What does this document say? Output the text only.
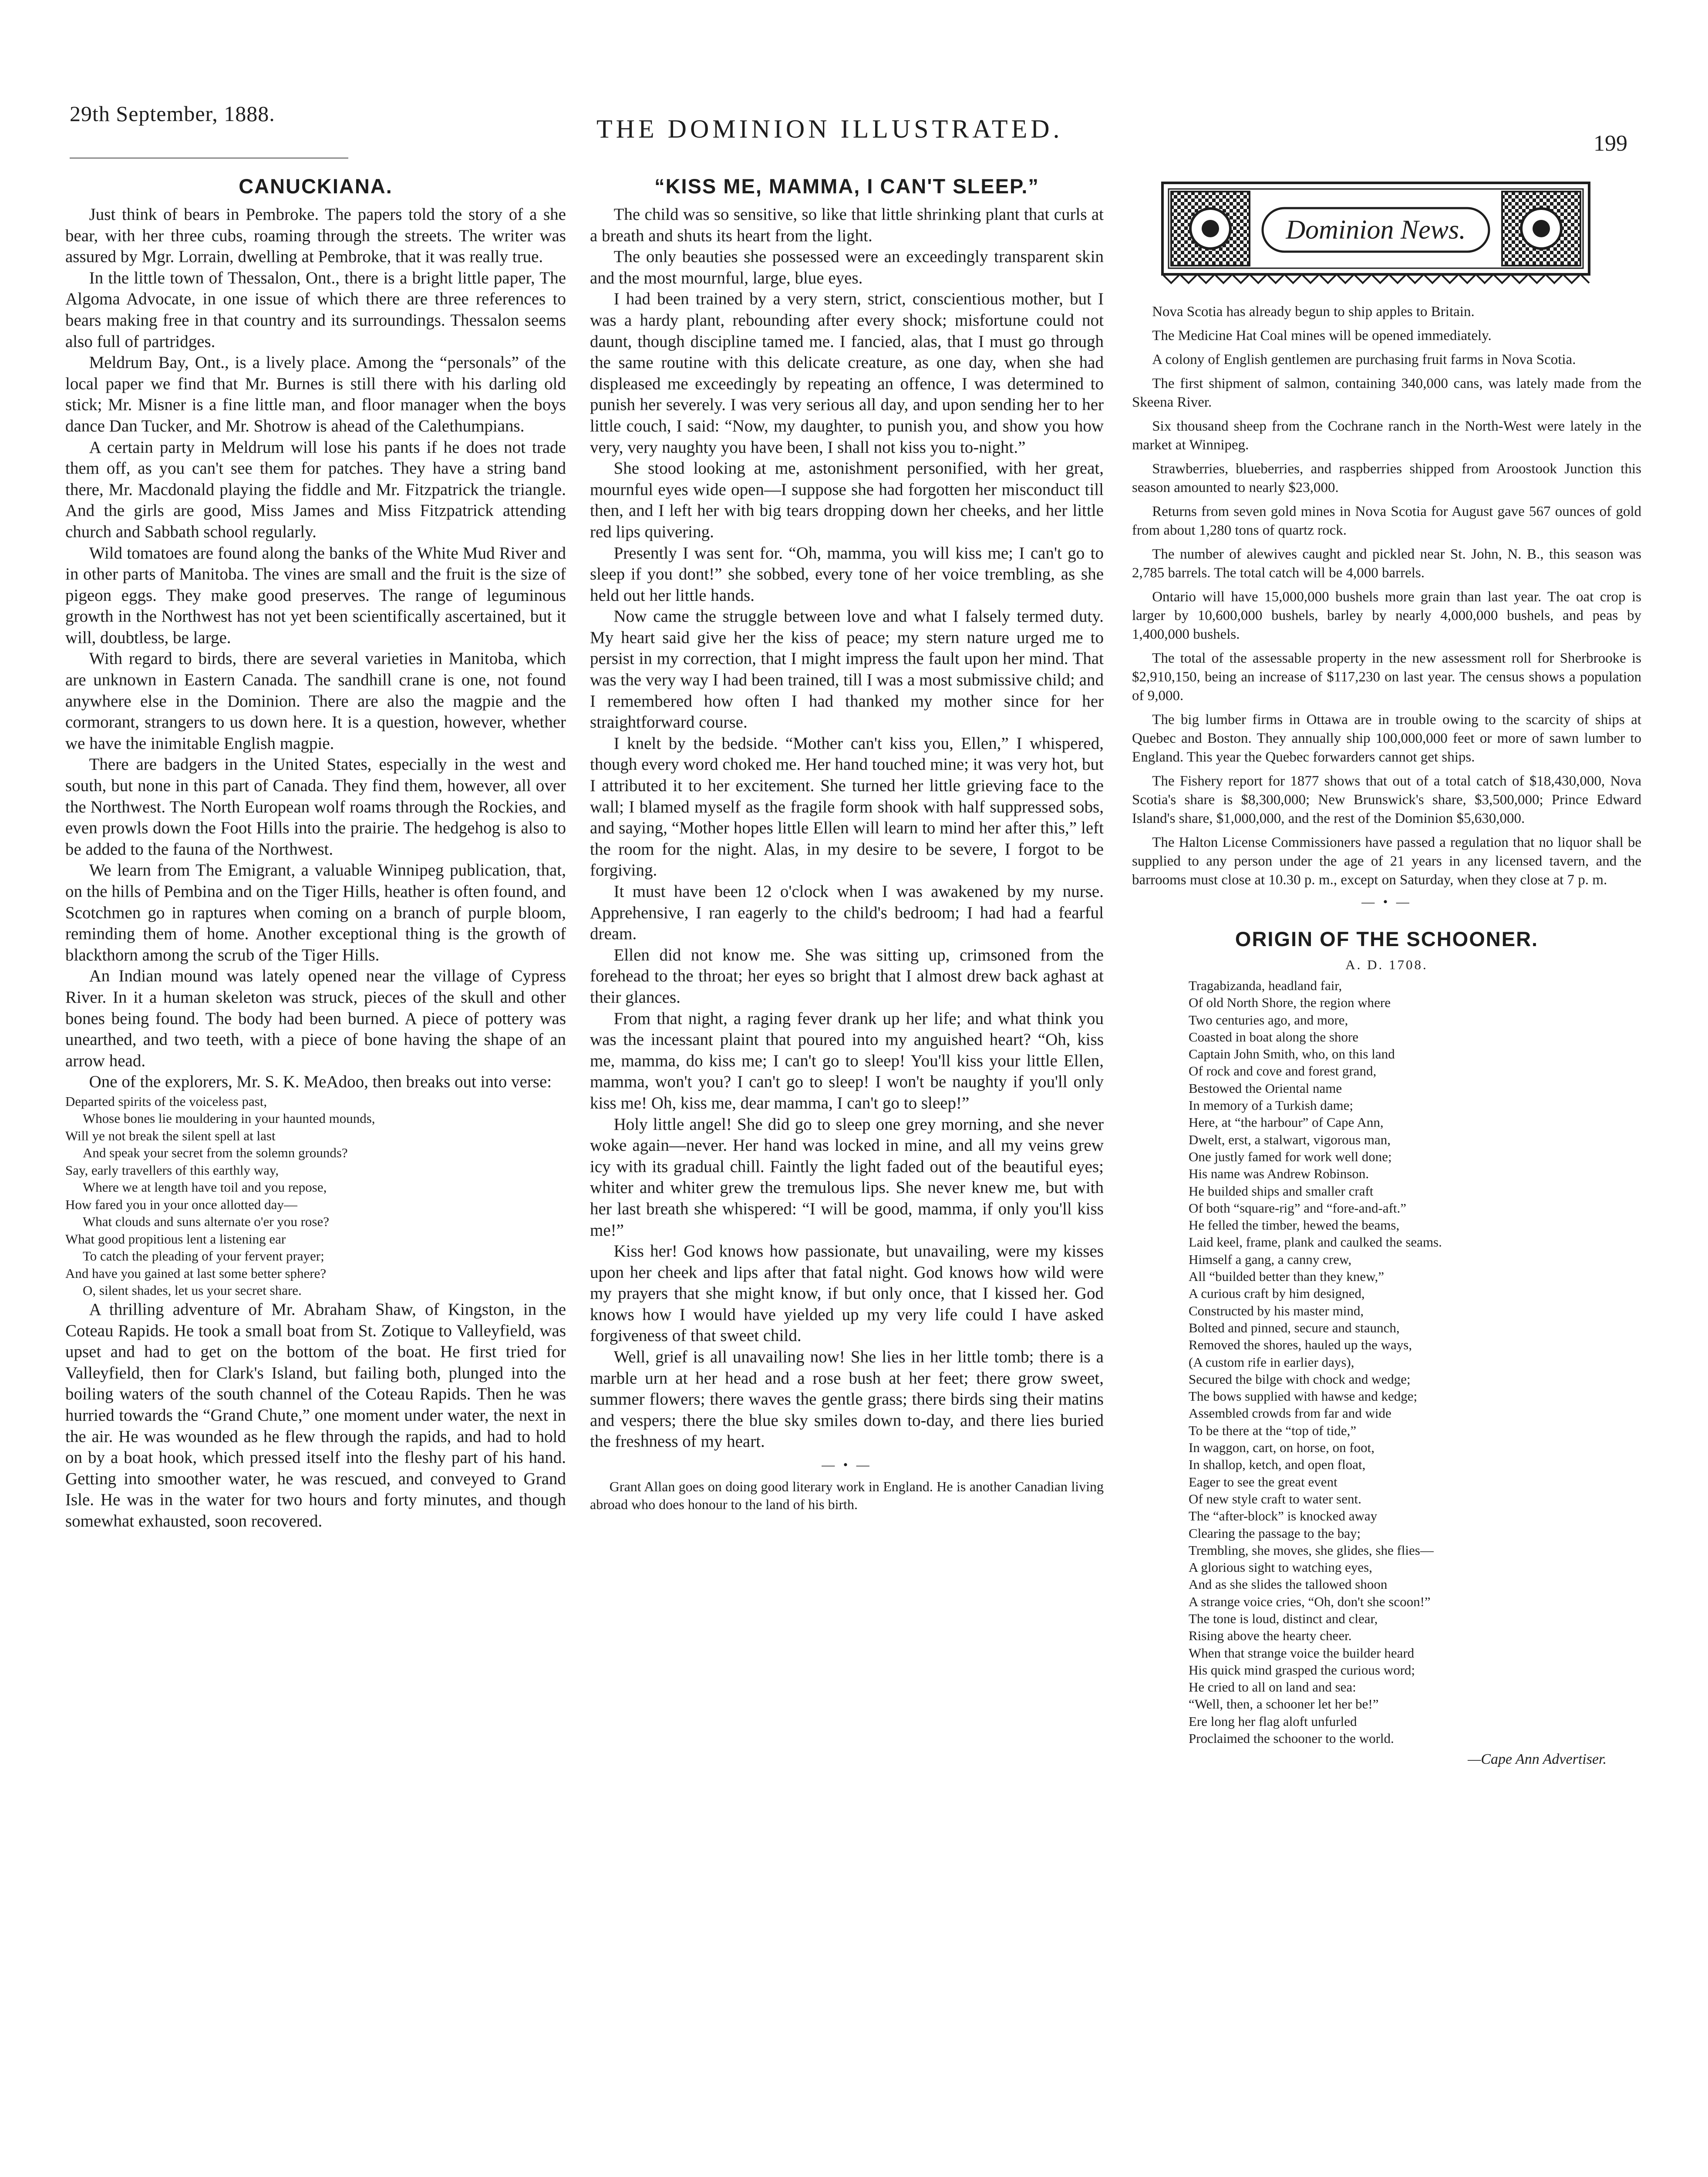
29th September, 1888.
THE DOMINION ILLUSTRATED.
199
CANUCKIANA.

Just think of bears in Pembroke. The papers told the story of a she bear, with her three cubs, roaming through the streets. The writer was assured by Mgr. Lorrain, dwelling at Pembroke, that it was really true.

In the little town of Thessalon, Ont., there is a bright little paper, The Algoma Advocate, in one issue of which there are three references to bears making free in that country and its surroundings. Thessalon seems also full of partridges.

Meldrum Bay, Ont., is a lively place. Among the “personals” of the local paper we find that Mr. Burnes is still there with his darling old stick; Mr. Misner is a fine little man, and floor manager when the boys dance Dan Tucker, and Mr. Shotrow is ahead of the Calethumpians.

A certain party in Meldrum will lose his pants if he does not trade them off, as you can't see them for patches. They have a string band there, Mr. Macdonald playing the fiddle and Mr. Fitzpatrick the triangle. And the girls are good, Miss James and Miss Fitzpatrick attending church and Sabbath school regularly.

Wild tomatoes are found along the banks of the White Mud River and in other parts of Manitoba. The vines are small and the fruit is the size of pigeon eggs. They make good preserves. The range of leguminous growth in the Northwest has not yet been scientifically ascertained, but it will, doubtless, be large.

With regard to birds, there are several varieties in Manitoba, which are unknown in Eastern Canada. The sandhill crane is one, not found anywhere else in the Dominion. There are also the magpie and the cormorant, strangers to us down here. It is a question, however, whether we have the inimitable English magpie.

There are badgers in the United States, especially in the west and south, but none in this part of Canada. They find them, however, all over the Northwest. The North European wolf roams through the Rockies, and even prowls down the Foot Hills into the prairie. The hedgehog is also to be added to the fauna of the Northwest.

We learn from The Emigrant, a valuable Winnipeg publication, that, on the hills of Pembina and on the Tiger Hills, heather is often found, and Scotchmen go in raptures when coming on a branch of purple bloom, reminding them of home. Another exceptional thing is the growth of blackthorn among the scrub of the Tiger Hills.

An Indian mound was lately opened near the village of Cypress River. In it a human skeleton was struck, pieces of the skull and other bones being found. The body had been burned. A piece of pottery was unearthed, and two teeth, with a piece of bone having the shape of an arrow head.

One of the explorers, Mr. S. K. MeAdoo, then breaks out into verse:

Departed spirits of the voiceless past,
Whose bones lie mouldering in your haunted mounds,
Will ye not break the silent spell at last
And speak your secret from the solemn grounds?
Say, early travellers of this earthly way,
Where we at length have toil and you repose,
How fared you in your once allotted day—
What clouds and suns alternate o'er you rose?
What good propitious lent a listening ear
To catch the pleading of your fervent prayer;
And have you gained at last some better sphere?
O, silent shades, let us your secret share.

A thrilling adventure of Mr. Abraham Shaw, of Kingston, in the Coteau Rapids. He took a small boat from St. Zotique to Valleyfield, was upset and had to get on the bottom of the boat. He first tried for Valleyfield, then for Clark's Island, but failing both, plunged into the boiling waters of the south channel of the Coteau Rapids. Then he was hurried towards the “Grand Chute,” one moment under water, the next in the air. He was wounded as he flew through the rapids, and had to hold on by a boat hook, which pressed itself into the fleshy part of his hand. Getting into smoother water, he was rescued, and conveyed to Grand Isle. He was in the water for two hours and forty minutes, and though somewhat exhausted, soon recovered.

“KISS ME, MAMMA, I CAN'T SLEEP.”

The child was so sensitive, so like that little shrinking plant that curls at a breath and shuts its heart from the light.

The only beauties she possessed were an exceedingly transparent skin and the most mournful, large, blue eyes.

I had been trained by a very stern, strict, conscientious mother, but I was a hardy plant, rebounding after every shock; misfortune could not daunt, though discipline tamed me. I fancied, alas, that I must go through the same routine with this delicate creature, as one day, when she had displeased me exceedingly by repeating an offence, I was determined to punish her severely. I was very serious all day, and upon sending her to her little couch, I said: “Now, my daughter, to punish you, and show you how very, very naughty you have been, I shall not kiss you to-night.”

She stood looking at me, astonishment personified, with her great, mournful eyes wide open—I suppose she had forgotten her misconduct till then, and I left her with big tears dropping down her cheeks, and her little red lips quivering.

Presently I was sent for. “Oh, mamma, you will kiss me; I can't go to sleep if you dont!” she sobbed, every tone of her voice trembling, as she held out her little hands.

Now came the struggle between love and what I falsely termed duty. My heart said give her the kiss of peace; my stern nature urged me to persist in my correction, that I might impress the fault upon her mind. That was the very way I had been trained, till I was a most submissive child; and I remembered how often I had thanked my mother since for her straightforward course.

I knelt by the bedside. “Mother can't kiss you, Ellen,” I whispered, though every word choked me. Her hand touched mine; it was very hot, but I attributed it to her excitement. She turned her little grieving face to the wall; I blamed myself as the fragile form shook with half suppressed sobs, and saying, “Mother hopes little Ellen will learn to mind her after this,” left the room for the night. Alas, in my desire to be severe, I forgot to be forgiving.

It must have been 12 o'clock when I was awakened by my nurse. Apprehensive, I ran eagerly to the child's bedroom; I had had a fearful dream.

Ellen did not know me. She was sitting up, crimsoned from the forehead to the throat; her eyes so bright that I almost drew back aghast at their glances.

From that night, a raging fever drank up her life; and what think you was the incessant plaint that poured into my anguished heart? “Oh, kiss me, mamma, do kiss me; I can't go to sleep! You'll kiss your little Ellen, mamma, won't you? I can't go to sleep! I won't be naughty if you'll only kiss me! Oh, kiss me, dear mamma, I can't go to sleep!”

Holy little angel! She did go to sleep one grey morning, and she never woke again—never. Her hand was locked in mine, and all my veins grew icy with its gradual chill. Faintly the light faded out of the beautiful eyes; whiter and whiter grew the tremulous lips. She never knew me, but with her last breath she whispered: “I will be good, mamma, if only you'll kiss me!”

Kiss her! God knows how passionate, but unavailing, were my kisses upon her cheek and lips after that fatal night. God knows how wild were my prayers that she might know, if but only once, that I kissed her. God knows how I would have yielded up my very life could I have asked forgiveness of that sweet child.

Well, grief is all unavailing now! She lies in her little tomb; there is a marble urn at her head and a rose bush at her feet; there grow sweet, summer flowers; there waves the gentle grass; there birds sing their matins and vespers; there the blue sky smiles down to-day, and there lies buried the freshness of my heart.

— • —

Grant Allan goes on doing good literary work in England. He is another Canadian living abroad who does honour to the land of his birth.

Dominion News.

Nova Scotia has already begun to ship apples to Britain.

The Medicine Hat Coal mines will be opened immediately.

A colony of English gentlemen are purchasing fruit farms in Nova Scotia.

The first shipment of salmon, containing 340,000 cans, was lately made from the Skeena River.

Six thousand sheep from the Cochrane ranch in the North-West were lately in the market at Winnipeg.

Strawberries, blueberries, and raspberries shipped from Aroostook Junction this season amounted to nearly $23,000.

Returns from seven gold mines in Nova Scotia for August gave 567 ounces of gold from about 1,280 tons of quartz rock.

The number of alewives caught and pickled near St. John, N. B., this season was 2,785 barrels. The total catch will be 4,000 barrels.

Ontario will have 15,000,000 bushels more grain than last year. The oat crop is larger by 10,600,000 bushels, barley by nearly 4,000,000 bushels, and peas by 1,400,000 bushels.

The total of the assessable property in the new assessment roll for Sherbrooke is $2,910,150, being an increase of $117,230 on last year. The census shows a population of 9,000.

The big lumber firms in Ottawa are in trouble owing to the scarcity of ships at Quebec and Boston. They annually ship 100,000,000 feet or more of sawn lumber to England. This year the Quebec forwarders cannot get ships.

The Fishery report for 1877 shows that out of a total catch of $18,430,000, Nova Scotia's share is $8,300,000; New Brunswick's share, $3,500,000; Prince Edward Island's share, $1,000,000, and the rest of the Dominion $5,630,000.

The Halton License Commissioners have passed a regulation that no liquor shall be supplied to any person under the age of 21 years in any licensed tavern, and the barrooms must close at 10.30 p. m., except on Saturday, when they close at 7 p. m.

— • —
ORIGIN OF THE SCHOONER.
A. D. 1708.
Tragabizanda, headland fair,
Of old North Shore, the region where
Two centuries ago, and more,
Coasted in boat along the shore
Captain John Smith, who, on this land
Of rock and cove and forest grand,
Bestowed the Oriental name
In memory of a Turkish dame;
Here, at “the harbour” of Cape Ann,
Dwelt, erst, a stalwart, vigorous man,
One justly famed for work well done;
His name was Andrew Robinson.
He builded ships and smaller craft
Of both “square-rig” and “fore-and-aft.”
He felled the timber, hewed the beams,
Laid keel, frame, plank and caulked the seams.
Himself a gang, a canny crew,
All “builded better than they knew,”
A curious craft by him designed,
Constructed by his master mind,
Bolted and pinned, secure and staunch,
Removed the shores, hauled up the ways,
(A custom rife in earlier days),
Secured the bilge with chock and wedge;
The bows supplied with hawse and kedge;
Assembled crowds from far and wide
To be there at the “top of tide,”
In waggon, cart, on horse, on foot,
In shallop, ketch, and open float,
Eager to see the great event
Of new style craft to water sent.
The “after-block” is knocked away
Clearing the passage to the bay;
Trembling, she moves, she glides, she flies—
A glorious sight to watching eyes,
And as she slides the tallowed shoon
A strange voice cries, “Oh, don't she scoon!”
The tone is loud, distinct and clear,
Rising above the hearty cheer.
When that strange voice the builder heard
His quick mind grasped the curious word;
He cried to all on land and sea:
“Well, then, a schooner let her be!”
Ere long her flag aloft unfurled
Proclaimed the schooner to the world.
—Cape Ann Advertiser.
